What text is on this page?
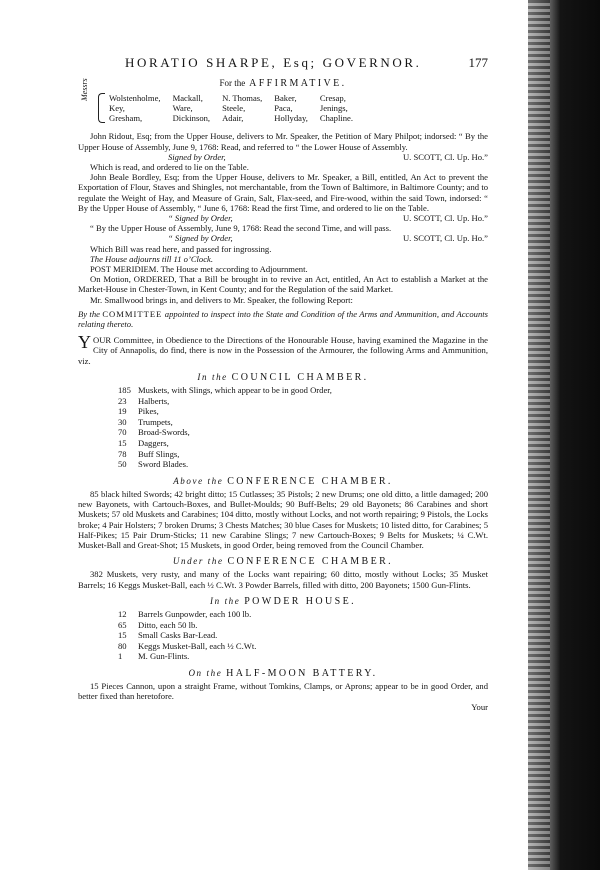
HORATIO SHARPE, Esq; GOVERNOR.	177
For the AFFIRMATIVE.
Messrs Wolstenholme,	Mackall,	N. Thomas,	Baker,	Cresap,
Key,	Ware,	Steele,	Paca,	Jenings,
Gresham,	Dickinson,	Adair,	Hollyday,	Chapline.

John Ridout, Esq; from the Upper House, delivers to Mr. Speaker, the Petition of Mary Philpot; indorsed: “ By the Upper House of Assembly, June 9, 1768: Read, and referred to “ the Lower House of Assembly.

Signed by Order,	U. SCOTT, Cl. Up. Ho.”

Which is read, and ordered to lie on the Table.

John Beale Bordley, Esq; from the Upper House, delivers to Mr. Speaker, a Bill, entitled, An Act to prevent the Exportation of Flour, Staves and Shingles, not merchantable, from the Town of Baltimore, in Baltimore County; and to regulate the Weight of Hay, and Measure of Grain, Salt, Flax-seed, and Fire-wood, within the said Town, indorsed: “ By the Upper House of Assembly, “ June 6, 1768: Read the first Time, and ordered to lie on the Table.

“ Signed by Order,	U. SCOTT, Cl. Up. Ho.”

“ By the Upper House of Assembly, June 9, 1768: Read the second Time, and will pass.

“ Signed by Order,	U. SCOTT, Cl. Up. Ho.”

Which Bill was read here, and passed for ingrossing.

The House adjourns till 11 o’Clock.

POST MERIDIEM. The House met according to Adjournment.

On Motion, ORDERED, That a Bill be brought in to revive an Act, entitled, An Act to establish a Market at the Market-House in Chester-Town, in Kent County; and for the Regulation of the said Market.

Mr. Smallwood brings in, and delivers to Mr. Speaker, the following Report:

By the COMMITTEE appointed to inspect into the State and Condition of the Arms and Ammunition, and Accounts relating thereto.

YOUR Committee, in Obedience to the Directions of the Honourable House, having examined the Magazine in the City of Annapolis, do find, there is now in the Possession of the Armourer, the following Arms and Ammunition, viz.

In the COUNCIL CHAMBER.
185 Muskets, with Slings, which appear to be in good Order,
23 Halberts,
19 Pikes,
30 Trumpets,
70 Broad-Swords,
15 Daggers,
78 Buff Slings,
50 Sword Blades.
Above the CONFERENCE CHAMBER.

85 black hilted Swords; 42 bright ditto; 15 Cutlasses; 35 Pistols; 2 new Drums; one old ditto, a little damaged; 200 new Bayonets, with Cartouch-Boxes, and Bullet-Moulds; 90 Buff-Belts; 29 old Bayonets; 86 Carabines and short Muskets; 57 old Muskets and Carabines; 104 ditto, mostly without Locks, and not worth repairing; 9 Pistols, the Locks broke; 4 Pair Holsters; 7 broken Drums; 3 Chests Matches; 30 blue Cases for Muskets; 10 listed ditto, for Carabines; 5 Half-Pikes; 15 Pair Drum-Sticks; 11 new Carabine Slings; 7 new Cartouch-Boxes; 9 Belts for Muskets; ¼ C.Wt. Musket-Ball and Great-Shot; 15 Muskets, in good Order, being removed from the Council Chamber.

Under the CONFERENCE CHAMBER.

382 Muskets, very rusty, and many of the Locks want repairing; 60 ditto, mostly without Locks; 35 Musket Barrels; 16 Keggs Musket-Ball, each ½ C.Wt. 3 Powder Barrels, filled with ditto, 200 Bayonets; 1500 Gun-Flints.

In the POWDER HOUSE.
12 Barrels Gunpowder, each 100 lb.
65 Ditto, each 50 lb.
15 Small Casks Bar-Lead.
80 Keggs Musket-Ball, each ½ C.Wt.
1 M. Gun-Flints.
On the HALF-MOON BATTERY.

15 Pieces Cannon, upon a straight Frame, without Tomkins, Clamps, or Aprons; appear to be in good Order, and better fixed than heretofore.

Your
